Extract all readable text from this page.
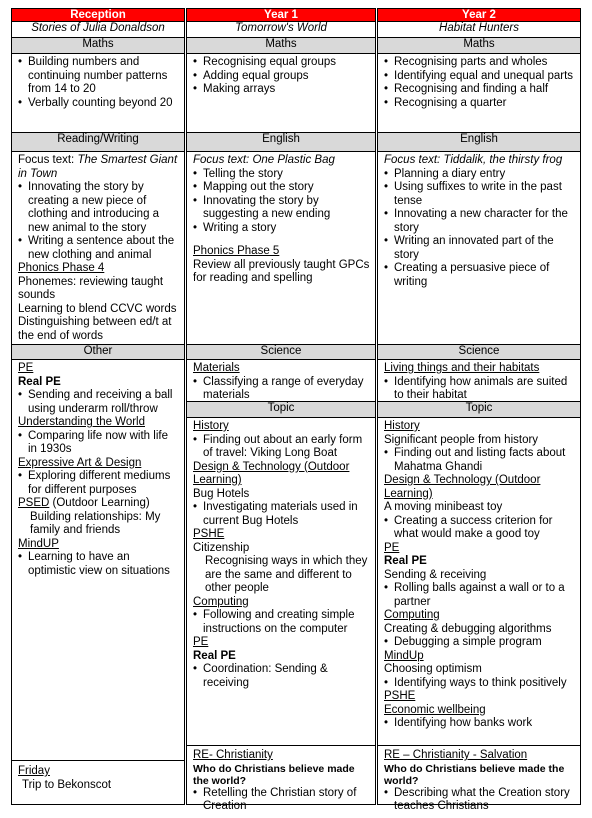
Reception
Stories of Julia Donaldson
Maths
• Building numbers and continuing number patterns from 14 to 20
• Verbally counting beyond 20
Reading/Writing
Focus text: The Smartest Giant in Town
• Innovating the story by creating a new piece of clothing and introducing a new animal to the story
• Writing a sentence about the new clothing and animal
Phonics Phase 4
Phonemes: reviewing taught sounds
Learning to blend CCVC words
Distinguishing between ed/t at the end of words
Other
PE
Real PE
• Sending and receiving a ball using underarm roll/throw
Understanding the World
• Comparing life now with life in 1930s
Expressive Art & Design
• Exploring different mediums for different purposes
PSED (Outdoor Learning)
Building relationships: My family and friends
MindUP
• Learning to have an optimistic view on situations
Friday
Trip to Bekonscot
Year 1
Tomorrow's World
Maths
• Recognising equal groups
• Adding equal groups
• Making arrays
English
Focus text: One Plastic Bag
• Telling the story
• Mapping out the story
• Innovating the story by suggesting a new ending
• Writing a story
Phonics Phase 5
Review all previously taught GPCs for reading and spelling
Science
Materials
• Classifying a range of everyday materials
Topic
History
• Finding out about an early form of travel: Viking Long Boat
Design & Technology (Outdoor Learning)
Bug Hotels
• Investigating materials used in current Bug Hotels
PSHE
Citizenship
Recognising ways in which they are the same and different to other people
Computing
• Following and creating simple instructions on the computer
PE
Real PE
• Coordination: Sending & receiving
RE- Christianity
Who do Christians believe made the world?
• Retelling the Christian story of Creation
Year 2
Habitat Hunters
Maths
• Recognising parts and wholes
• Identifying equal and unequal parts
• Recognising and finding a half
• Recognising a quarter
English
Focus text: Tiddalik, the thirsty frog
• Planning a diary entry
• Using suffixes to write in the past tense
• Innovating a new character for the story
• Writing an innovated part of the story
• Creating a persuasive piece of writing
Science
Living things and their habitats
• Identifying how animals are suited to their habitat
Topic
History
Significant people from history
• Finding out and listing facts about Mahatma Ghandi
Design & Technology (Outdoor Learning)
A moving minibeast toy
• Creating a success criterion for what would make a good toy
PE
Real PE
Sending & receiving
• Rolling balls against a wall or to a partner
Computing
Creating & debugging algorithms
• Debugging a simple program
MindUp
Choosing optimism
• Identifying ways to think positively
PSHE
Economic wellbeing
• Identifying how banks work
RE – Christianity - Salvation
Who do Christians believe made the world?
• Describing what the Creation story teaches Christians
